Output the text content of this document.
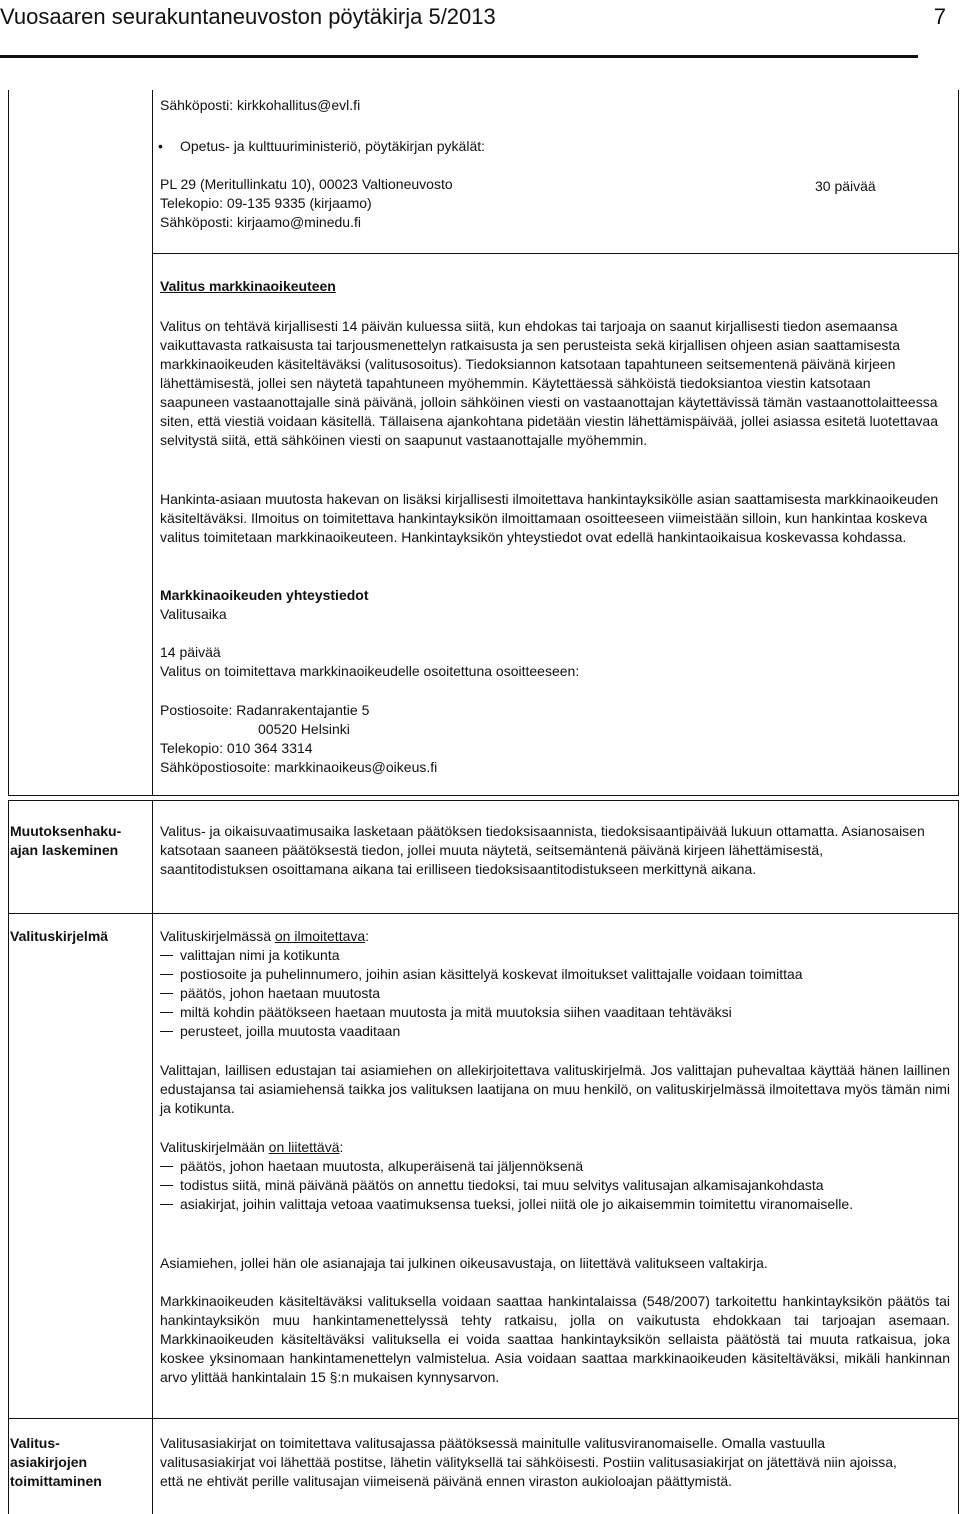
Vuosaaren seurakuntaneuvoston pöytäkirja 5/2013	7
Sähköposti: kirkkohallitus@evl.fi
• Opetus- ja kulttuuriministeriö, pöytäkirjan pykälät:
PL 29 (Meritullinkatu 10), 00023 Valtioneuvosto
Telekopio: 09-135 9335 (kirjaamo)
Sähköposti: kirjaamo@minedu.fi
30 päivää
Valitus markkinaoikeuteen

Valitus on tehtävä kirjallisesti 14 päivän kuluessa siitä, kun ehdokas tai tarjoaja on saanut kirjallisesti tiedon asemaansa vaikuttavasta ratkaisusta tai tarjousmenettelyn ratkaisusta ja sen perusteista sekä kirjallisen ohjeen asian saattamisesta markkinaoikeuden käsiteltäväksi (valitusosoitus). Tiedoksiannon katsotaan tapahtuneen seitsementenä päivänä kirjeen lähettämisestä, jollei sen näytetä tapahtuneen myöhemmin. Käytettäessä sähköistä tiedoksiantoa viestin katsotaan saapuneen vastaanottajalle sinä päivänä, jolloin sähköinen viesti on vastaanottajan käytettävissä tämän vastaanottolaitteessa siten, että viestiä voidaan käsitellä. Tällaisena ajankohtana pidetään viestin lähettämispäivää, jollei asiassa esitetä luotettavaa selvitystä siitä, että sähköinen viesti on saapunut vastaanottajalle myöhemmin.

Hankinta-asiaan muutosta hakevan on lisäksi kirjallisesti ilmoitettava hankintayksikölle asian saattamisesta markkinaoikeuden käsiteltäväksi. Ilmoitus on toimitettava hankintayksikön ilmoittamaan osoitteeseen viimeistään silloin, kun hankintaa koskeva valitus toimitetaan markkinaoikeuteen. Hankintayksikön yhteystiedot ovat edellä hankintaoikaisua koskevassa kohdassa.

Markkinaoikeuden yhteystiedot
Valitusaika
14 päivää
Valitus on toimitettava markkinaoikeudelle osoitettuna osoitteeseen:
Postiosoite: Radanrakentajantie 5
00520 Helsinki
Telekopio: 010 364 3314
Sähköpostiosoite: markkinaoikeus@oikeus.fi
Muutoksenhaku-
ajan laskeminen

Valitus- ja oikaisuvaatimusaika lasketaan päätöksen tiedoksisaannista, tiedoksisaantipäivää lukuun ottamatta. Asianosaisen katsotaan saaneen päätöksestä tiedon, jollei muuta näytetä, seitsemäntenä päivänä kirjeen lähettämisestä, saantitodistuksen osoittamana aikana tai erilliseen tiedoksisaantitodistukseen merkittynä aikana.

Valituskirjelmä	Valituskirjelmässä on ilmoitettava:
valittajan nimi ja kotikunta
postiosoite ja puhelinnumero, joihin asian käsittelyä koskevat ilmoitukset valittajalle voidaan toimittaa
päätös, johon haetaan muutosta
miltä kohdin päätökseen haetaan muutosta ja mitä muutoksia siihen vaaditaan tehtäväksi
perusteet, joilla muutosta vaaditaan

Valittajan, laillisen edustajan tai asiamiehen on allekirjoitettava valituskirjelmä. Jos valittajan puhevaltaa käyttää hänen laillinen edustajansa tai asiamiehensä taikka jos valituksen laatijana on muu henkilö, on valituskirjelmässä ilmoitettava myös tämän nimi ja kotikunta.

Valituskirjelmään on liitettävä:
päätös, johon haetaan muutosta, alkuperäisenä tai jäljennöksenä
todistus siitä, minä päivänä päätös on annettu tiedoksi, tai muu selvitys valitusajan alkamisajankohdasta
asiakirjat, joihin valittaja vetoaa vaatimuksensa tueksi, jollei niitä ole jo aikaisemmin toimitettu viranomaiselle.

Asiamiehen, jollei hän ole asianajaja tai julkinen oikeusavustaja, on liitettävä valitukseen valtakirja.

Markkinaoikeuden käsiteltäväksi valituksella voidaan saattaa hankintalaissa (548/2007) tarkoitettu hankintayksikön päätös tai hankintayksikön muu hankintamenettelyssä tehty ratkaisu, jolla on vaikutusta ehdokkaan tai tarjoajan asemaan. Markkinaoikeuden käsiteltäväksi valituksella ei voida saattaa hankintayksikön sellaista päätöstä tai muuta ratkaisua, joka koskee yksinomaan hankintamenettelyn valmistelua. Asia voidaan saattaa markkinaoikeuden käsiteltäväksi, mikäli hankinnan arvo ylittää hankintalain 15 §:n mukaisen kynnysarvon.

Valitus-
asiakirjojen
toimittaminen

Valitusasiakirjat on toimitettava valitusajassa päätöksessä mainitulle valitusviranomaiselle. Omalla vastuulla valitusasiakirjat voi lähettää postitse, lähetin välityksellä tai sähköisesti. Postiin valitusasiakirjat on jätettävä niin ajoissa, että ne ehtivät perille valitusajan viimeisenä päivänä ennen viraston aukioloajan päättymistä.
